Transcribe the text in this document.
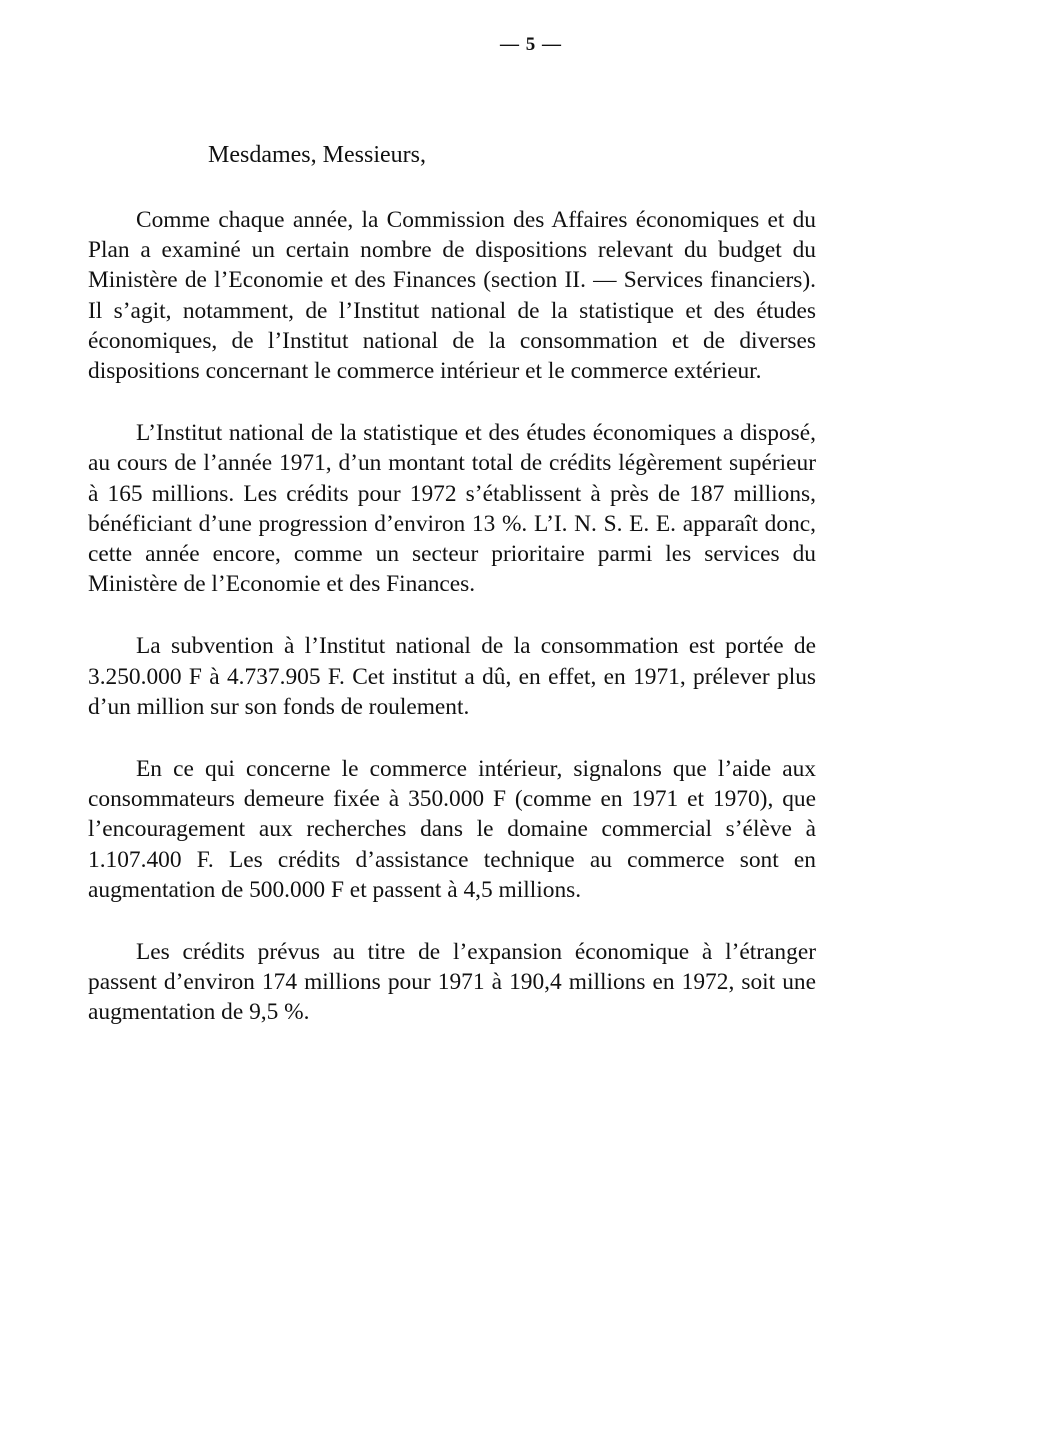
— 5 —
Mesdames, Messieurs,

Comme chaque année, la Commission des Affaires économiques et du Plan a examiné un certain nombre de dispositions relevant du budget du Ministère de l’Economie et des Finances (section II. — Services financiers). Il s’agit, notamment, de l’Institut national de la statistique et des études économiques, de l’Institut national de la consommation et de diverses dispositions concernant le commerce intérieur et le commerce extérieur.

L’Institut national de la statistique et des études économiques a disposé, au cours de l’année 1971, d’un montant total de crédits légèrement supérieur à 165 millions. Les crédits pour 1972 s’établissent à près de 187 millions, bénéficiant d’une progression d’environ 13 %. L’I. N. S. E. E. apparaît donc, cette année encore, comme un secteur prioritaire parmi les services du Ministère de l’Economie et des Finances.

La subvention à l’Institut national de la consommation est portée de 3.250.000 F à 4.737.905 F. Cet institut a dû, en effet, en 1971, prélever plus d’un million sur son fonds de roulement.

En ce qui concerne le commerce intérieur, signalons que l’aide aux consommateurs demeure fixée à 350.000 F (comme en 1971 et 1970), que l’encouragement aux recherches dans le domaine commercial s’élève à 1.107.400 F. Les crédits d’assistance technique au commerce sont en augmentation de 500.000 F et passent à 4,5 millions.

Les crédits prévus au titre de l’expansion économique à l’étranger passent d’environ 174 millions pour 1971 à 190,4 millions en 1972, soit une augmentation de 9,5 %.
